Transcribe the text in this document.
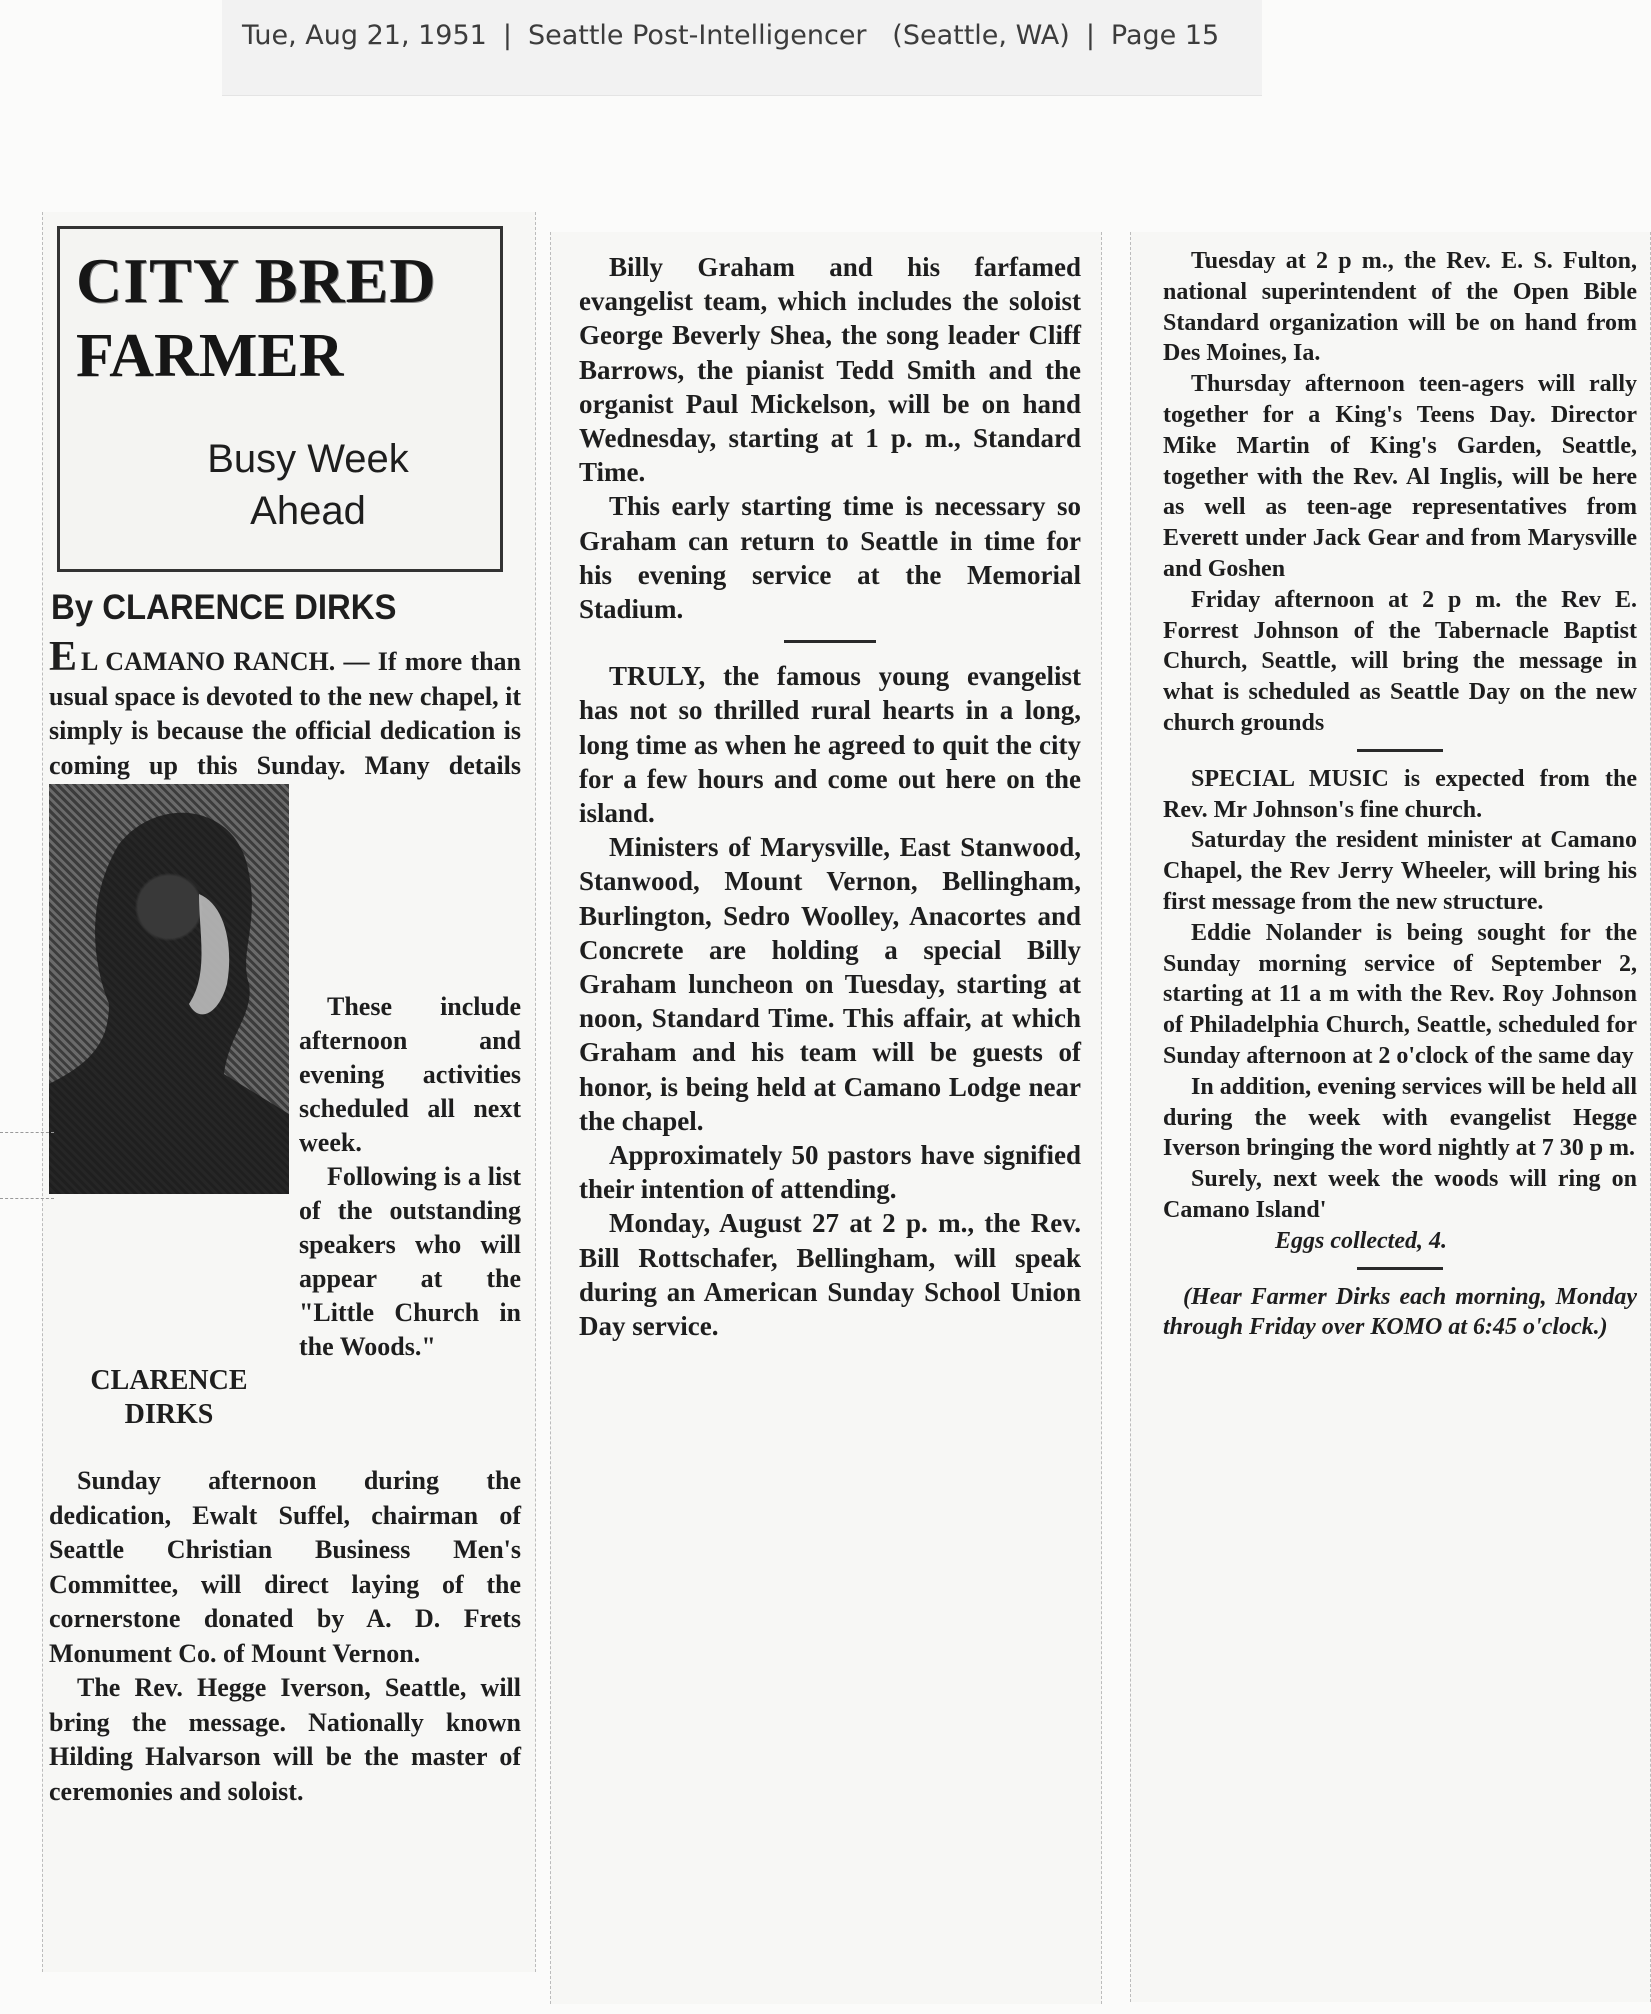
Tue, Aug 21, 1951 | Seattle Post-Intelligencer (Seattle, WA) | Page 15
CITY BRED
FARMER
Busy Week
Ahead
By CLARENCE DIRKS

E L CAMANO RANCH. — If more than usual space is devoted to the new chapel, it simply is because the official dedication is coming up this Sunday. Many details

These include afternoon and evening activities scheduled all next week.

Following is a list of the outstanding speakers who will appear at the "Little Church in the Woods."

CLARENCE
DIRKS

Sunday afternoon during the dedication, Ewalt Suffel, chairman of Seattle Christian Business Men's Committee, will direct laying of the cornerstone donated by A. D. Frets Monument Co. of Mount Vernon.

The Rev. Hegge Iverson, Seattle, will bring the message. Nationally known Hilding Halvarson will be the master of ceremonies and soloist.

Billy Graham and his farfamed evangelist team, which includes the soloist George Beverly Shea, the song leader Cliff Barrows, the pianist Tedd Smith and the organist Paul Mickelson, will be on hand Wednesday, starting at 1 p. m., Standard Time.

This early starting time is necessary so Graham can return to Seattle in time for his evening service at the Memorial Stadium.

TRULY, the famous young evangelist has not so thrilled rural hearts in a long, long time as when he agreed to quit the city for a few hours and come out here on the island.

Ministers of Marysville, East Stanwood, Stanwood, Mount Vernon, Bellingham, Burlington, Sedro Woolley, Anacortes and Concrete are holding a special Billy Graham luncheon on Tuesday, starting at noon, Standard Time. This affair, at which Graham and his team will be guests of honor, is being held at Camano Lodge near the chapel.

Approximately 50 pastors have signified their intention of attending.

Monday, August 27 at 2 p. m., the Rev. Bill Rottschafer, Bellingham, will speak during an American Sunday School Union Day service.

Tuesday at 2 p m., the Rev. E. S. Fulton, national superintendent of the Open Bible Standard organization will be on hand from Des Moines, Ia.

Thursday afternoon teen-agers will rally together for a King's Teens Day. Director Mike Martin of King's Garden, Seattle, together with the Rev. Al Inglis, will be here as well as teen-age representatives from Everett under Jack Gear and from Marysville and Goshen

Friday afternoon at 2 p m. the Rev E. Forrest Johnson of the Tabernacle Baptist Church, Seattle, will bring the message in what is scheduled as Seattle Day on the new church grounds

SPECIAL MUSIC is expected from the Rev. Mr Johnson's fine church.

Saturday the resident minister at Camano Chapel, the Rev Jerry Wheeler, will bring his first message from the new structure.

Eddie Nolander is being sought for the Sunday morning service of September 2, starting at 11 a m with the Rev. Roy Johnson of Philadelphia Church, Seattle, scheduled for Sunday afternoon at 2 o'clock of the same day

In addition, evening services will be held all during the week with evangelist Hegge Iverson bringing the word nightly at 7 30 p m.

Surely, next week the woods will ring on Camano Island'

Eggs collected, 4.

(Hear Farmer Dirks each morning, Monday through Friday over KOMO at 6:45 o'clock.)
